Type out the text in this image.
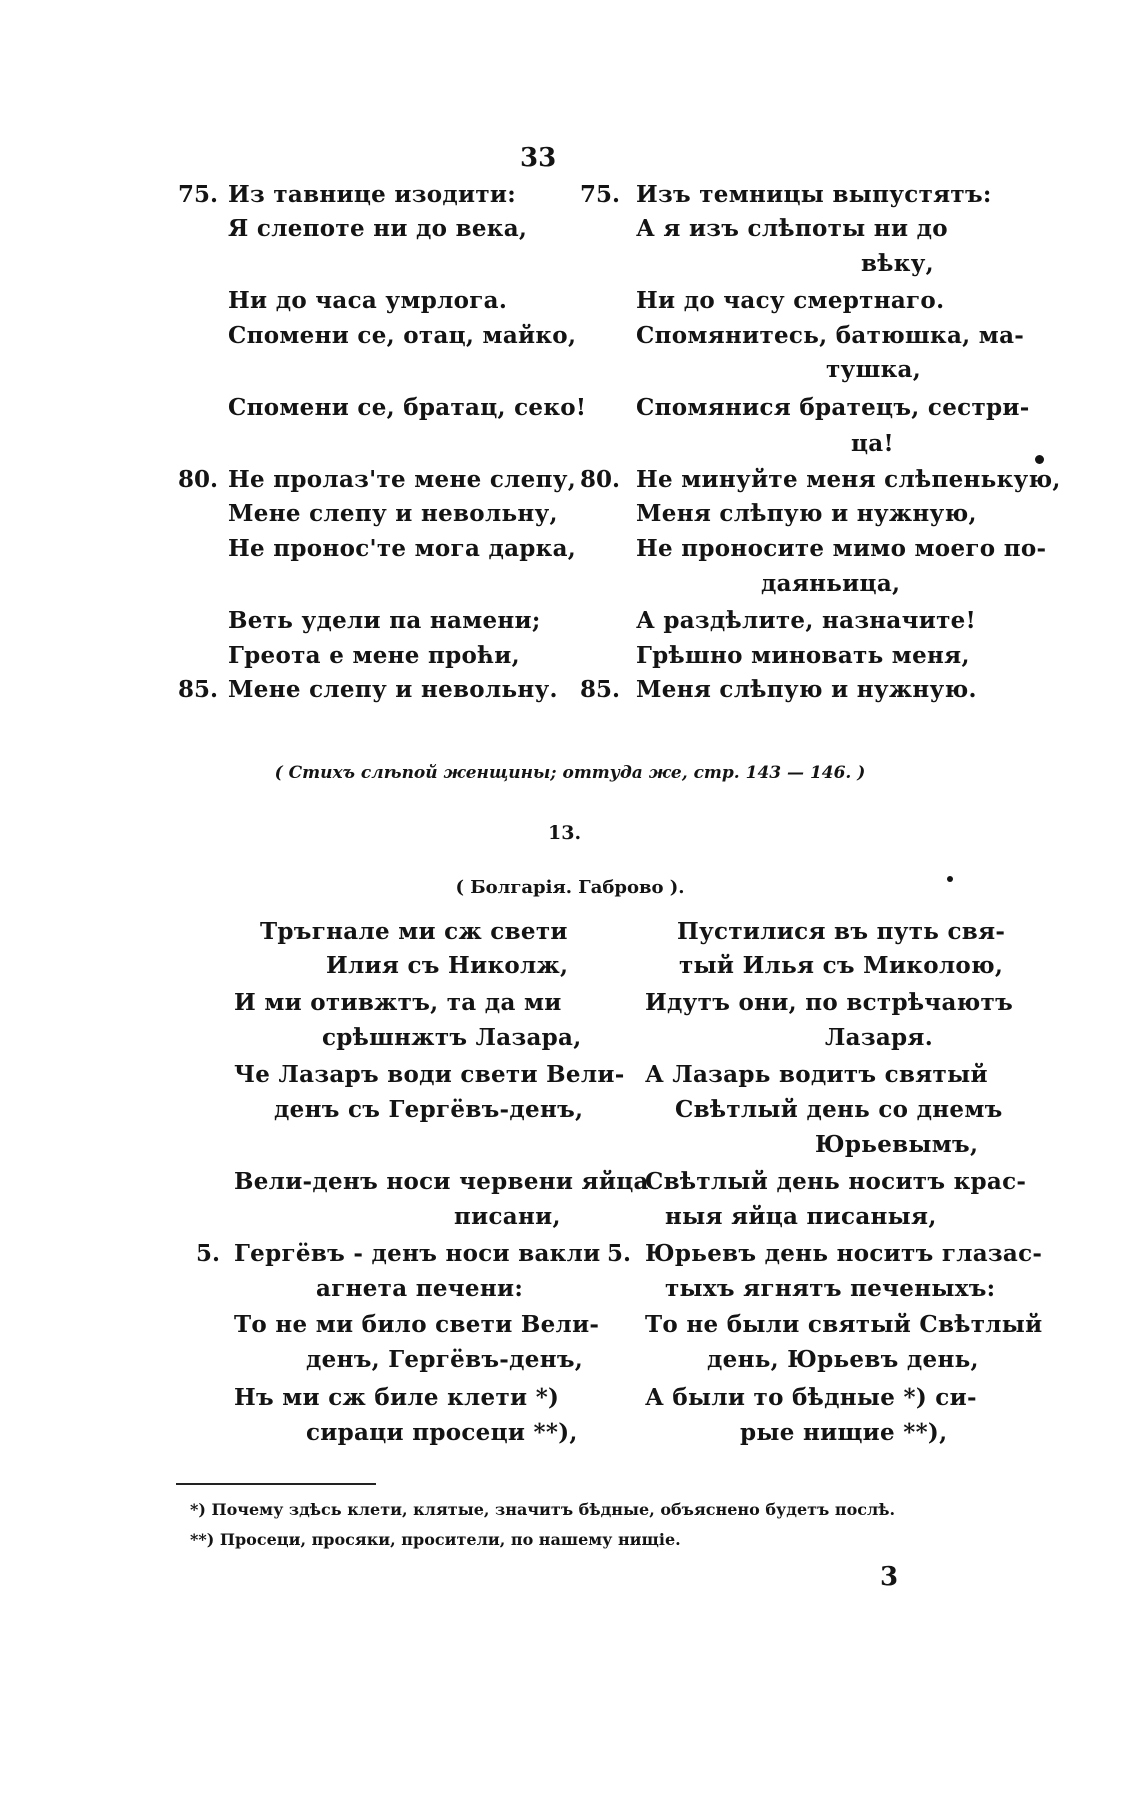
33
75. Из тавнице изодити:
Я слепоте ни до века,
Ни до часа умрлога.
Спомени се, отац, майко,
Спомени се, братац, секо!
80. Не пролаз'те мене слепу,
Мене слепу и невольну,
Не пронос'те мога дарка,
Веть удели па намени;
Греота е мене проћи,
85. Мене слепу и невольну.
75. Изъ темницы выпустятъ:
А я изъ слѣпоты ни до
вѣку,
Ни до часу смертнаго.
Спомянитесь, батюшка, ма-
тушка,
Спомянися братецъ, сестри-
ца!
80. Не минуйте меня слѣпенькую,
Меня слѣпую и нужную,
Не проносите мимо моего по-
даяньица,
А раздѣлите, назначите!
Грѣшно миновать меня,
85. Меня слѣпую и нужную.
( Стихъ слѣпой женщины; оттуда же, стр. 143 — 146. )
13.
( Болгарія. Габрово ).
Тръгнале ми сж свети
Илия съ Николж,
И ми отивжтъ, та да ми
срѣшнжтъ Лазара,
Че Лазаръ води свети Вели-
денъ съ Гергёвъ-денъ,
Вели-денъ носи червени яйца
писани,
5. Гергёвъ - денъ носи вакли
агнета печени:
То не ми било свети Вели-
денъ, Гергёвъ-денъ,
Нъ ми сж биле клети *)
сираци просеци **),
Пустилися въ путь свя-
тый Илья съ Миколою,
Идутъ они, по встрѣчаютъ
Лазаря.
А Лазарь водитъ святый
Свѣтлый день со днемъ
Юрьевымъ,
Свѣтлый день носитъ крас-
ныя яйца писаныя,
5. Юрьевъ день носитъ глазас-
тыхъ ягнятъ печеныхъ:
То не были святый Свѣтлый
день, Юрьевъ день,
А были то бѣдные *) си-
рые нищие **),
*) Почему здѣсь клети, клятые, значитъ бѣдные, объяснено будетъ послѣ.
**) Просеци, просяки, просители, по нашему нищіе.
3
